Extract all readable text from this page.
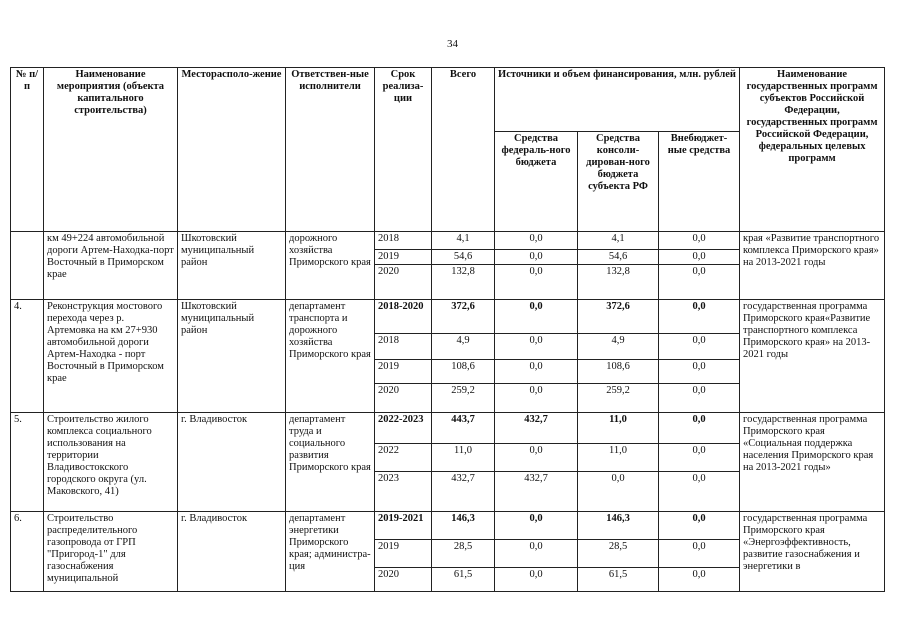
34
№ п/п	Наименование мероприятия (объекта капитального строительства)	Месторасполо-жение	Ответствен-ные исполнители	Срок реализа-ции	Всего	Источники и объем финансирования, млн. рублей			Наименование государственных программ субъектов Российской Федерации, государственных программ Российской Федерации, федеральных целевых программ
						Средства федераль-ного бюджета	Средства консоли-дирован-ного бюджета субъекта РФ	Внебюджет-ные средства	
	км 49+224 автомобильной дороги Артем-Находка-порт Восточный в Приморском крае	Шкотовский муниципальный район	дорожного хозяйства Приморского края	2018	4,1	0,0	4,1	0,0	края «Развитие транспортного комплекса Приморского края» на 2013-2021 годы
				2019	54,6	0,0	54,6	0,0	
				2020	132,8	0,0	132,8	0,0	
4.	Реконструкция мостового перехода через р. Артемовка на км 27+930 автомобильной дороги Артем-Находка - порт Восточный в Приморском крае	Шкотовский муниципальный район	департамент транспорта и дорожного хозяйства Приморского края	2018-2020	372,6	0,0	372,6	0,0	государственная программа Приморского края«Развитие транспортного комплекса Приморского края» на 2013-2021 годы
				2018	4,9	0,0	4,9	0,0	
				2019	108,6	0,0	108,6	0,0	
				2020	259,2	0,0	259,2	0,0	
5.	Строительство жилого комплекса социального использования на территории Владивостокского городского округа (ул. Маковского, 41)	г. Владивосток	департамент труда и социального развития Приморского края	2022-2023	443,7	432,7	11,0	0,0	государственная программа Приморского края «Социальная поддержка населения Приморского края на 2013-2021 годы»
				2022	11,0	0,0	11,0	0,0	
				2023	432,7	432,7	0,0	0,0	
6.	Строительство распределительного газопровода от ГРП "Пригород-1" для газоснабжения муниципальной	г. Владивосток	департамент энергетики Приморского края; администра-ция	2019-2021	146,3	0,0	146,3	0,0	государственная программа Приморского края «Энергоэффективность, развитие газоснабжения и энергетики в
				2019	28,5	0,0	28,5	0,0	
				2020	61,5	0,0	61,5	0,0	
